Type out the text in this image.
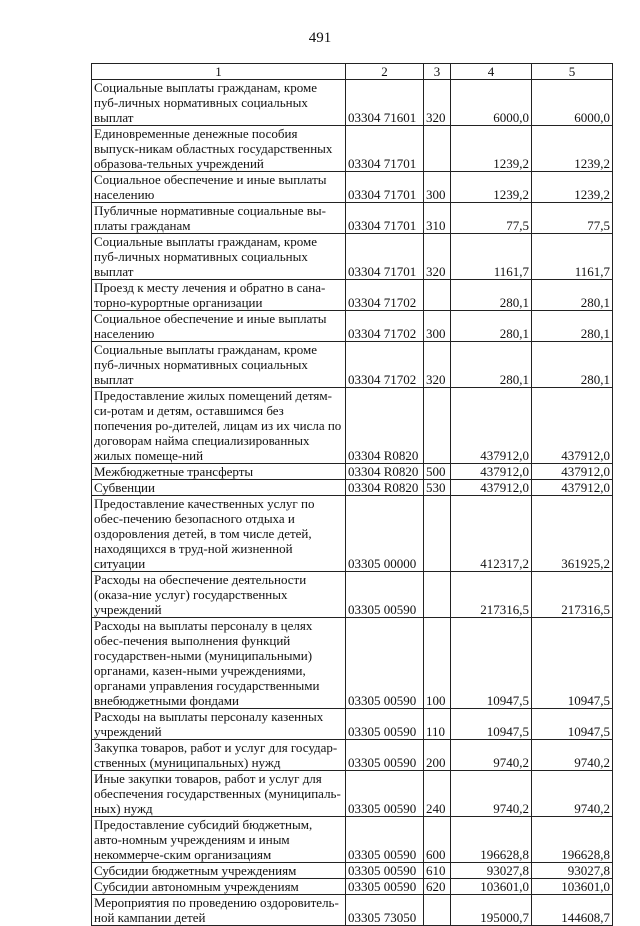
491
1	2	3	4	5
Социальные выплаты гражданам, кроме пуб-личных нормативных социальных выплат	03304 71601	320	6000,0	6000,0
Единовременные денежные пособия выпуск-никам областных государственных образова-тельных учреждений	03304 71701		1239,2	1239,2
Социальное обеспечение и иные выплаты населению	03304 71701	300	1239,2	1239,2
Публичные нормативные социальные вы-платы гражданам	03304 71701	310	77,5	77,5
Социальные выплаты гражданам, кроме пуб-личных нормативных социальных выплат	03304 71701	320	1161,7	1161,7
Проезд к месту лечения и обратно в сана-торно-курортные организации	03304 71702		280,1	280,1
Социальное обеспечение и иные выплаты населению	03304 71702	300	280,1	280,1
Социальные выплаты гражданам, кроме пуб-личных нормативных социальных выплат	03304 71702	320	280,1	280,1
Предоставление жилых помещений детям-си-ротам и детям, оставшимся без попечения ро-дителей, лицам из их числа по договорам найма специализированных жилых помеще-ний	03304 R0820		437912,0	437912,0
Межбюджетные трансферты	03304 R0820	500	437912,0	437912,0
Субвенции	03304 R0820	530	437912,0	437912,0
Предоставление качественных услуг по обес-печению безопасного отдыха и оздоровления детей, в том числе детей, находящихся в труд-ной жизненной ситуации	03305 00000		412317,2	361925,2
Расходы на обеспечение деятельности (оказа-ние услуг) государственных учреждений	03305 00590		217316,5	217316,5
Расходы на выплаты персоналу в целях обес-печения выполнения функций государствен-ными (муниципальными) органами, казен-ными учреждениями, органами управления государственными внебюджетными фондами	03305 00590	100	10947,5	10947,5
Расходы на выплаты персоналу казенных учреждений	03305 00590	110	10947,5	10947,5
Закупка товаров, работ и услуг для государ-ственных (муниципальных) нужд	03305 00590	200	9740,2	9740,2
Иные закупки товаров, работ и услуг для обеспечения государственных (муниципаль-ных) нужд	03305 00590	240	9740,2	9740,2
Предоставление субсидий бюджетным, авто-номным учреждениям и иным некоммерче-ским организациям	03305 00590	600	196628,8	196628,8
Субсидии бюджетным учреждениям	03305 00590	610	93027,8	93027,8
Субсидии автономным учреждениям	03305 00590	620	103601,0	103601,0
Мероприятия по проведению оздоровитель-ной кампании детей	03305 73050		195000,7	144608,7
